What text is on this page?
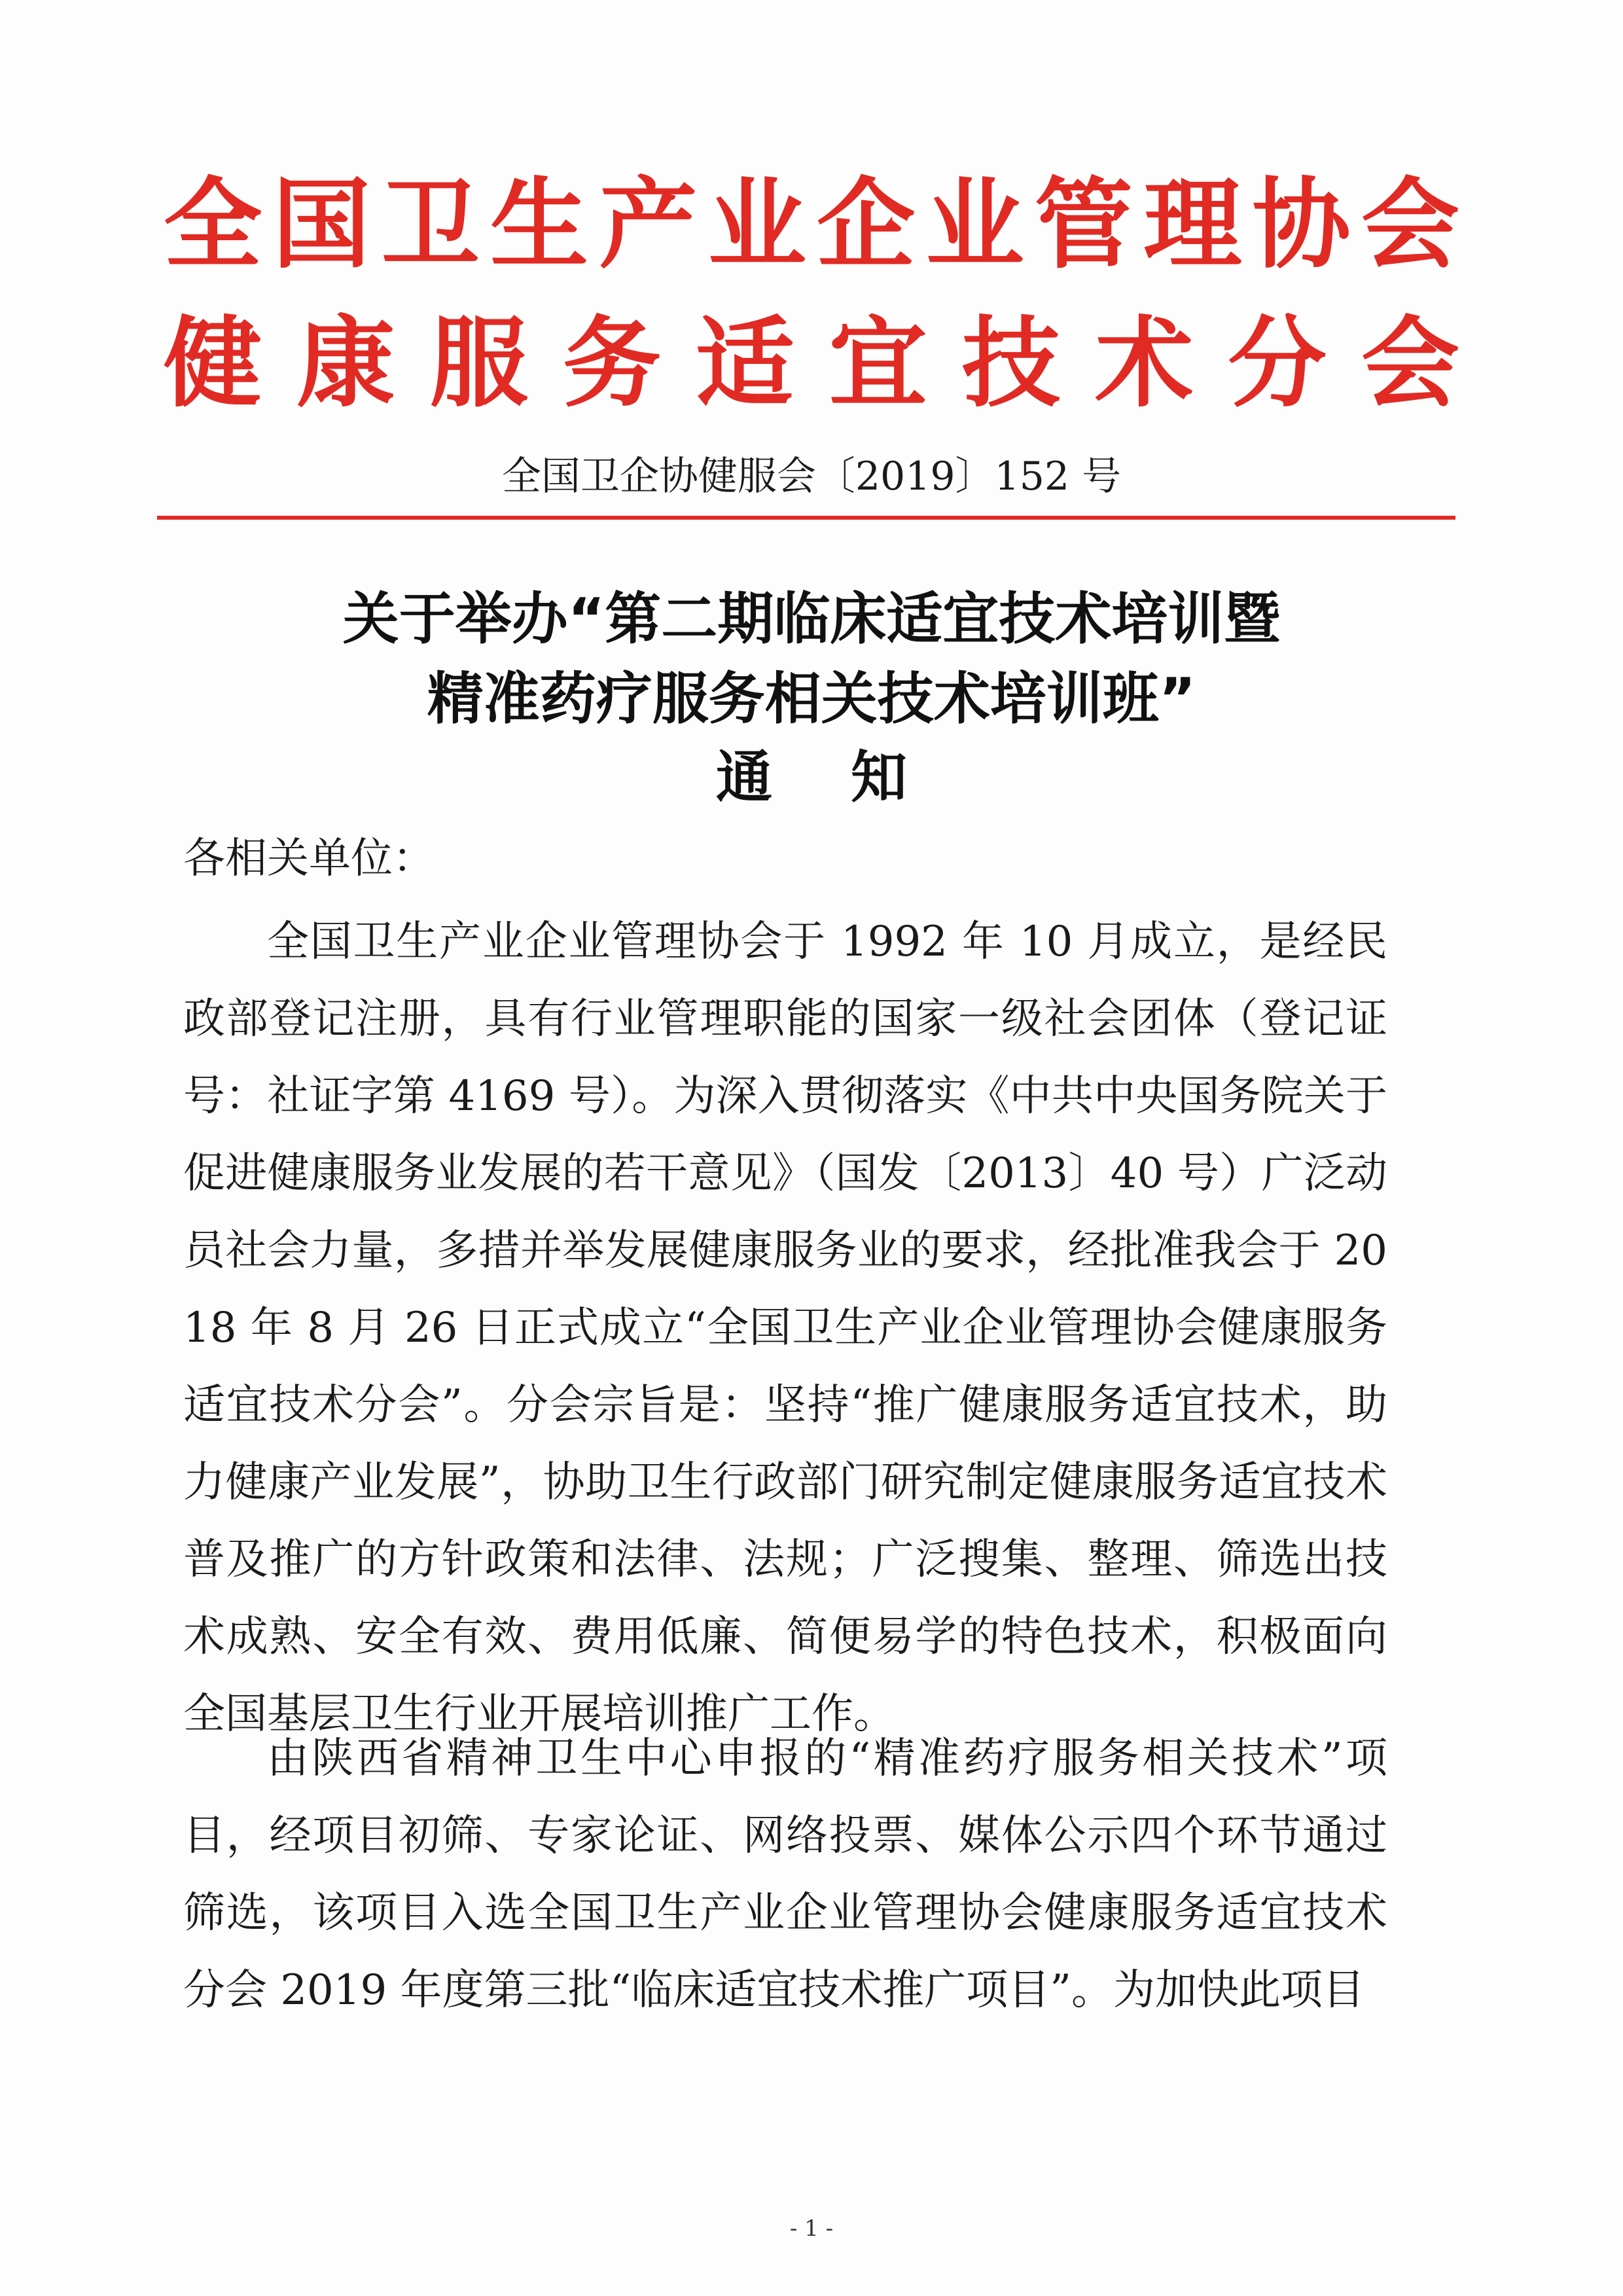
全国卫生产业企业管理协会
健康服务适宜技术分会

全国卫企协健服会〔2019〕152 号

关于举办“第二期临床适宜技术培训暨
精准药疗服务相关技术培训班”
通知

各相关单位：

全国卫生产业企业管理协会于 1992 年 10 月成立，是经民政部登记注册，具有行业管理职能的国家一级社会团体（登记证号：社证字第 4169 号）。为深入贯彻落实《中共中央国务院关于促进健康服务业发展的若干意见》（国发〔2013〕40 号）广泛动员社会力量，多措并举发展健康服务业的要求，经批准我会于 2018 年 8 月 26 日正式成立“全国卫生产业企业管理协会健康服务适宜技术分会”。分会宗旨是：坚持“推广健康服务适宜技术，助力健康产业发展”，协助卫生行政部门研究制定健康服务适宜技术普及推广的方针政策和法律、法规；广泛搜集、整理、筛选出技术成熟、安全有效、费用低廉、简便易学的特色技术，积极面向全国基层卫生行业开展培训推广工作。

由陕西省精神卫生中心申报的“精准药疗服务相关技术”项目，经项目初筛、专家论证、网络投票、媒体公示四个环节通过筛选，该项目入选全国卫生产业企业管理协会健康服务适宜技术分会 2019 年度第三批“临床适宜技术推广项目”。为加快此项目

- 1 -
